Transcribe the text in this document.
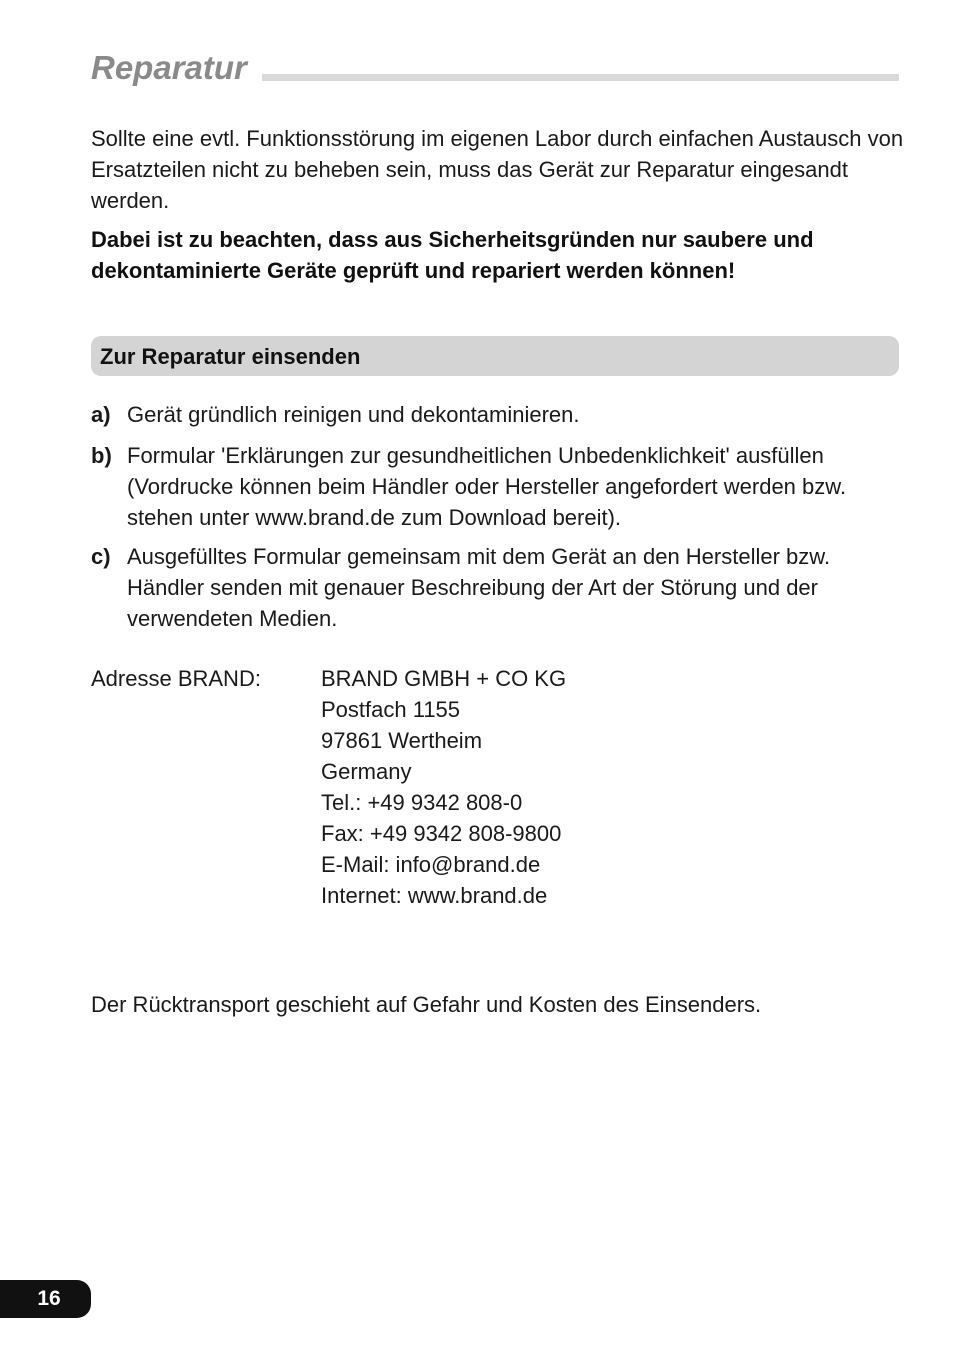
Reparatur

Sollte eine evtl. Funktionsstörung im eigenen Labor durch einfachen Austausch von Ersatzteilen nicht zu beheben sein, muss das Gerät zur Reparatur eingesandt werden.

Dabei ist zu beachten, dass aus Sicherheitsgründen nur saubere und dekontaminierte Geräte geprüft und repariert werden können!

Zur Reparatur einsenden
a) Gerät gründlich reinigen und dekontaminieren.
b) Formular 'Erklärungen zur gesundheitlichen Unbedenklichkeit' ausfüllen (Vordrucke können beim Händler oder Hersteller angefordert werden bzw. stehen unter www.brand.de zum Download bereit).
c) Ausgefülltes Formular gemeinsam mit dem Gerät an den Hersteller bzw. Händler senden mit genauer Beschreibung der Art der Störung und der verwendeten Medien.
Adresse BRAND:	BRAND GMBH + CO KG
Postfach 1155
97861 Wertheim
Germany
Tel.: +49 9342 808-0
Fax: +49 9342 808-9800
E-Mail: info@brand.de
Internet: www.brand.de
Der Rücktransport geschieht auf Gefahr und Kosten des Einsenders.
16
